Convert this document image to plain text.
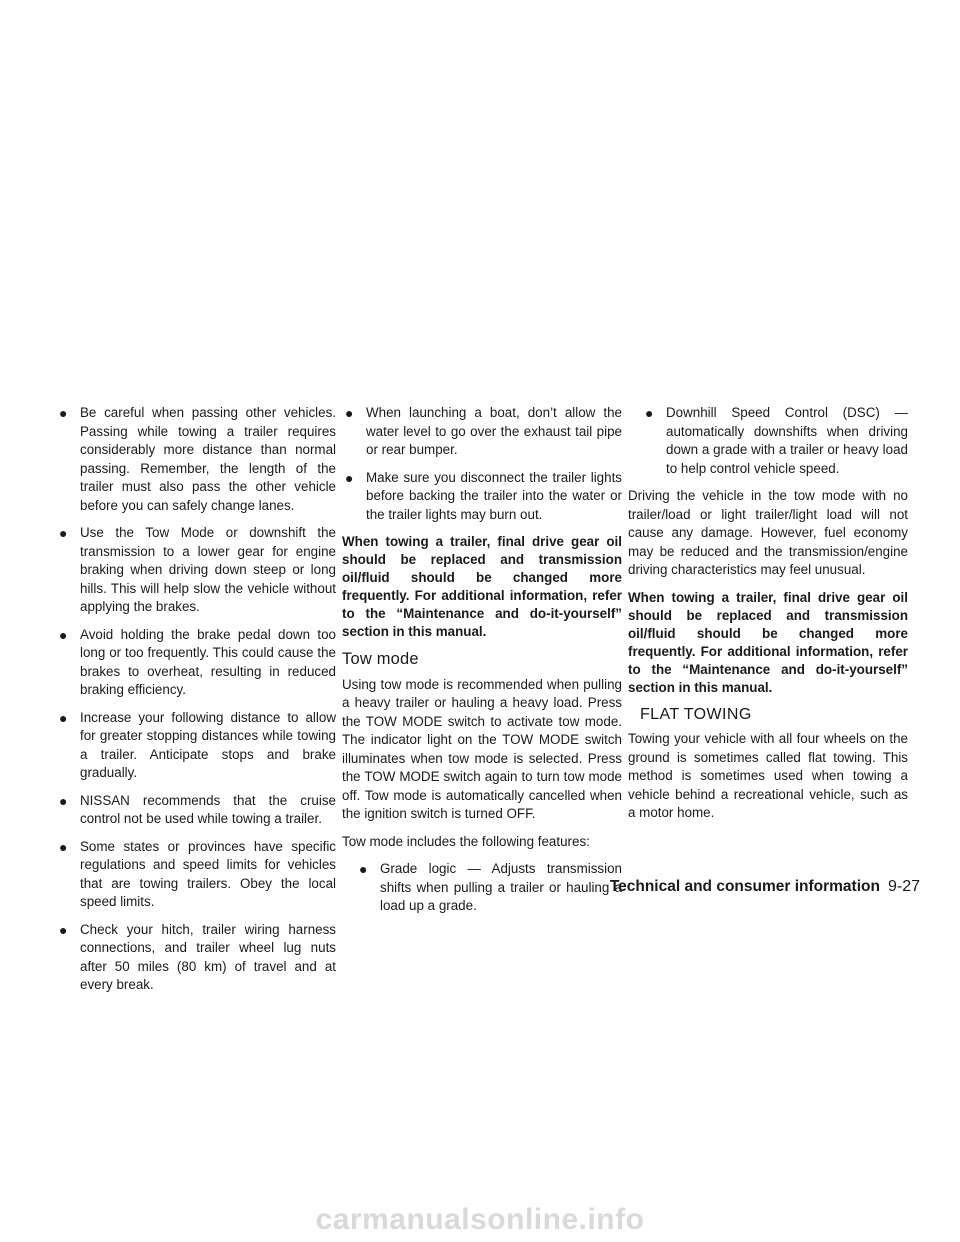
● Be careful when passing other vehicles. Passing while towing a trailer requires considerably more distance than normal passing. Remember, the length of the trailer must also pass the other vehicle before you can safely change lanes.
● Use the Tow Mode or downshift the transmission to a lower gear for engine braking when driving down steep or long hills. This will help slow the vehicle without applying the brakes.
● Avoid holding the brake pedal down too long or too frequently. This could cause the brakes to overheat, resulting in reduced braking efficiency.
● Increase your following distance to allow for greater stopping distances while towing a trailer. Anticipate stops and brake gradually.
● NISSAN recommends that the cruise control not be used while towing a trailer.
● Some states or provinces have specific regulations and speed limits for vehicles that are towing trailers. Obey the local speed limits.
● Check your hitch, trailer wiring harness connections, and trailer wheel lug nuts after 50 miles (80 km) of travel and at every break.
● When launching a boat, don’t allow the water level to go over the exhaust tail pipe or rear bumper.
● Make sure you disconnect the trailer lights before backing the trailer into the water or the trailer lights may burn out.

When towing a trailer, final drive gear oil should be replaced and transmission oil/fluid should be changed more frequently. For additional information, refer to the “Maintenance and do-it-yourself” section in this manual.

Tow mode

Using tow mode is recommended when pulling a heavy trailer or hauling a heavy load. Press the TOW MODE switch to activate tow mode. The indicator light on the TOW MODE switch illuminates when tow mode is selected. Press the TOW MODE switch again to turn tow mode off. Tow mode is automatically cancelled when the ignition switch is turned OFF.

Tow mode includes the following features:

● Grade logic — Adjusts transmission shifts when pulling a trailer or hauling a load up a grade.
● Downhill Speed Control (DSC) — automatically downshifts when driving down a grade with a trailer or heavy load to help control vehicle speed.

Driving the vehicle in the tow mode with no trailer/load or light trailer/light load will not cause any damage. However, fuel economy may be reduced and the transmission/engine driving characteristics may feel unusual.

When towing a trailer, final drive gear oil should be replaced and transmission oil/fluid should be changed more frequently. For additional information, refer to the “Maintenance and do-it-yourself” section in this manual.

FLAT TOWING

Towing your vehicle with all four wheels on the ground is sometimes called flat towing. This method is sometimes used when towing a vehicle behind a recreational vehicle, such as a motor home.

Technical and consumer information 9-27
carmanualsonline.info
